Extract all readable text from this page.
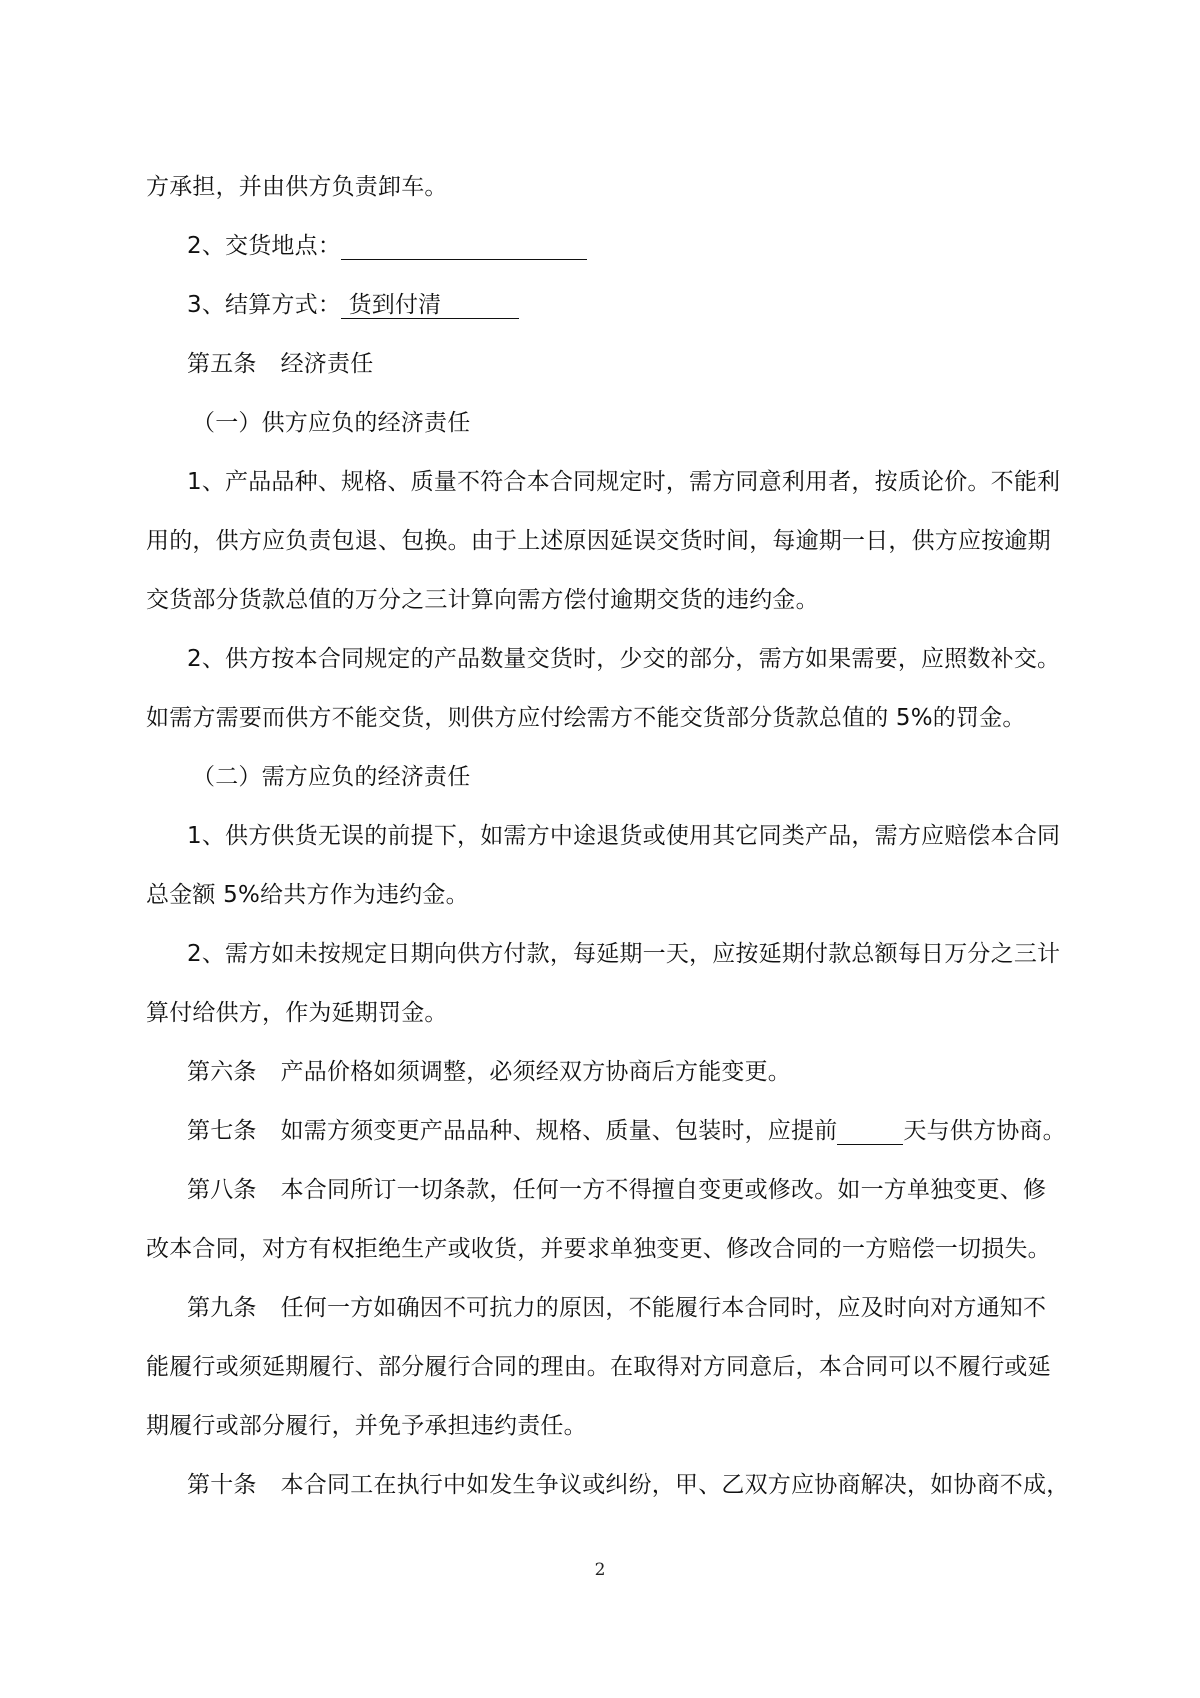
方承担，并由供方负责卸车。
2、交货地点：
3、结算方式： 货到付清
第五条 经济责任
（一）供方应负的经济责任
1、产品品种、规格、质量不符合本合同规定时，需方同意利用者，按质论价。不能利
用的，供方应负责包退、包换。由于上述原因延误交货时间，每逾期一日，供方应按逾期
交货部分货款总值的万分之三计算向需方偿付逾期交货的违约金。
2、供方按本合同规定的产品数量交货时，少交的部分，需方如果需要，应照数补交。
如需方需要而供方不能交货，则供方应付绘需方不能交货部分货款总值的 5%的罚金。
（二）需方应负的经济责任
1、供方供货无误的前提下，如需方中途退货或使用其它同类产品，需方应赔偿本合同
总金额 5%给共方作为违约金。
2、需方如未按规定日期向供方付款，每延期一天，应按延期付款总额每日万分之三计
算付给供方，作为延期罚金。
第六条 产品价格如须调整，必须经双方协商后方能变更。
第七条 如需方须变更产品品种、规格、质量、包装时，应提前	天与供方协商。
第八条 本合同所订一切条款，任何一方不得擅自变更或修改。如一方单独变更、修
改本合同，对方有权拒绝生产或收货，并要求单独变更、修改合同的一方赔偿一切损失。
第九条 任何一方如确因不可抗力的原因，不能履行本合同时，应及时向对方通知不
能履行或须延期履行、部分履行合同的理由。在取得对方同意后，本合同可以不履行或延
期履行或部分履行，并免予承担违约责任。
第十条 本合同工在执行中如发生争议或纠纷，甲、乙双方应协商解决，如协商不成，
2
